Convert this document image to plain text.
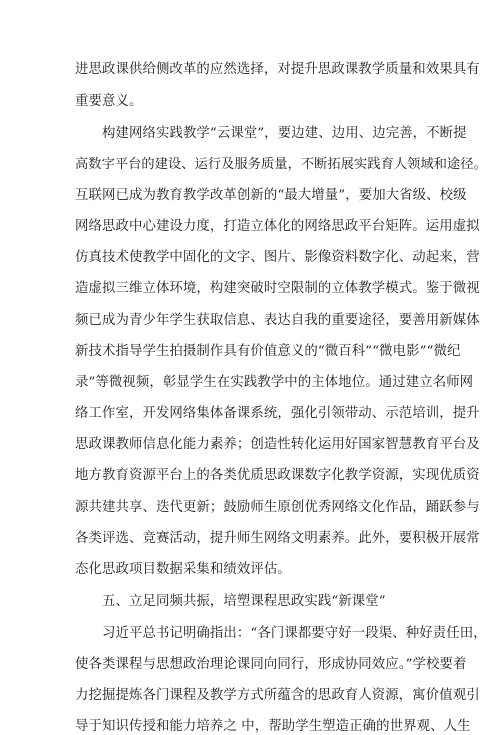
进思政课供给侧改革的应然选择，对提升思政课教学质量和效果具有
重要意义。
构建网络实践教学“云课堂”，要边建、边用、边完善，不断提
高数字平台的建设、运行及服务质量，不断拓展实践育人领域和途径。
互联网已成为教育教学改革创新的“最大增量”，要加大省级、校级
网络思政中心建设力度，打造立体化的网络思政平台矩阵。运用虚拟
仿真技术使教学中固化的文字、图片、影像资料数字化、动起来，营
造虚拟三维立体环境，构建突破时空限制的立体教学模式。鉴于微视
频已成为青少年学生获取信息、表达自我的重要途径，要善用新媒体
新技术指导学生拍摄制作具有价值意义的“微百科”“微电影”“微纪
录”等微视频，彰显学生在实践教学中的主体地位。通过建立名师网
络工作室，开发网络集体备课系统，强化引领带动、示范培训，提升
思政课教师信息化能力素养；创造性转化运用好国家智慧教育平台及
地方教育资源平台上的各类优质思政课数字化教学资源，实现优质资
源共建共享、迭代更新；鼓励师生原创优秀网络文化作品，踊跃参与
各类评选、竞赛活动，提升师生网络文明素养。此外，要积极开展常
态化思政项目数据采集和绩效评估。
五、立足同频共振，培塑课程思政实践“新课堂”
习近平总书记明确指出：“各门课都要守好一段渠、种好责任田，
使各类课程与思想政治理论课同向同行，形成协同效应。”学校要着
力挖掘提炼各门课程及教学方式所蕴含的思政育人资源，寓价值观引
导于知识传授和能力培养之 中，帮助学生塑造正确的世界观、人生
